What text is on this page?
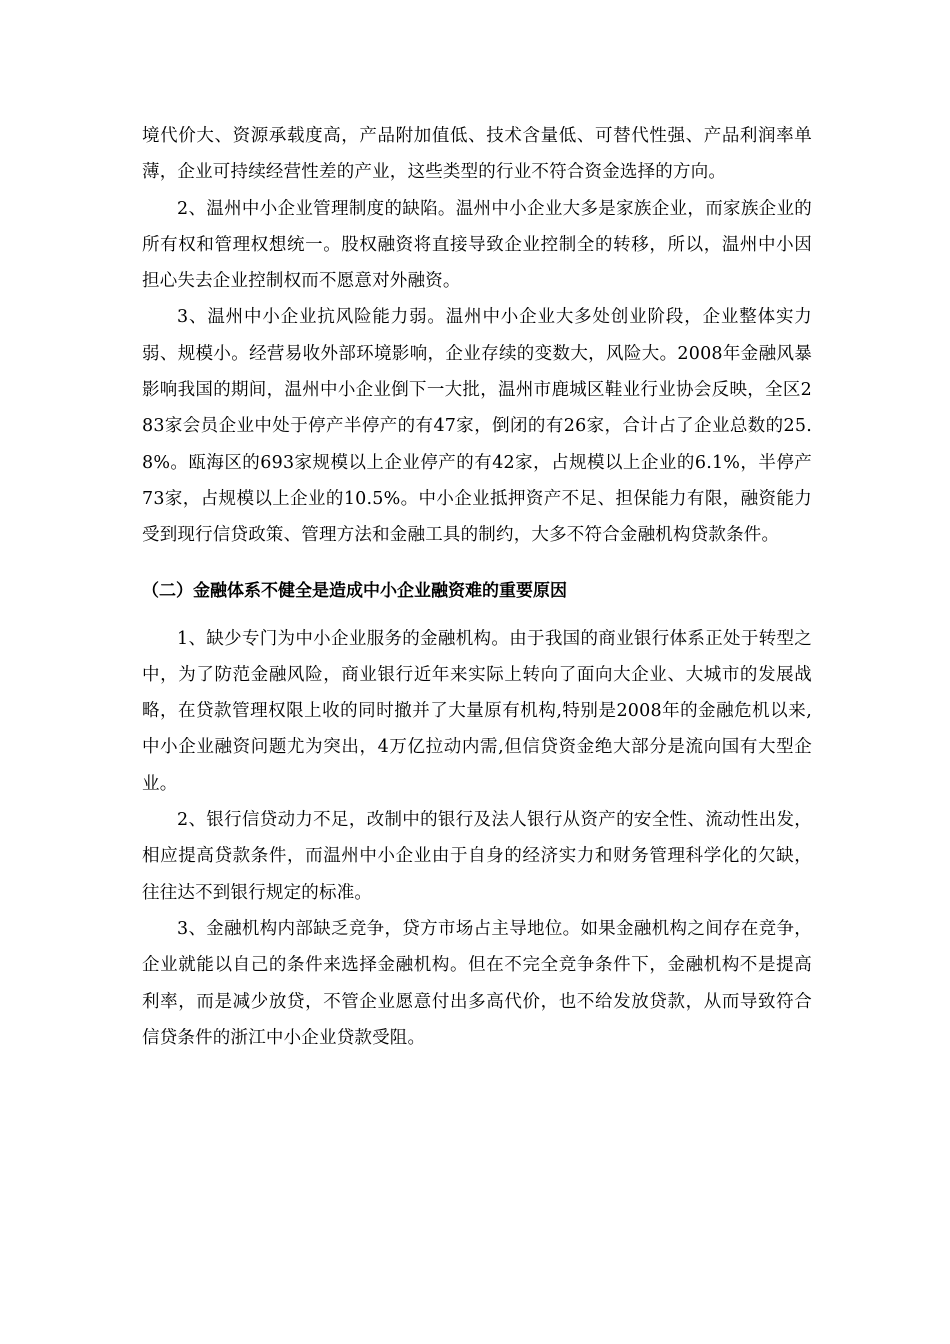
境代价大、资源承载度高，产品附加值低、技术含量低、可替代性强、产品利润率单薄，企业可持续经营性差的产业，这些类型的行业不符合资金选择的方向。

2、温州中小企业管理制度的缺陷。温州中小企业大多是家族企业，而家族企业的所有权和管理权想统一。股权融资将直接导致企业控制全的转移，所以，温州中小因担心失去企业控制权而不愿意对外融资。

3、温州中小企业抗风险能力弱。温州中小企业大多处创业阶段，企业整体实力弱、规模小。经营易收外部环境影响，企业存续的变数大，风险大。2008年金融风暴影响我国的期间，温州中小企业倒下一大批，温州市鹿城区鞋业行业协会反映，全区283家会员企业中处于停产半停产的有47家，倒闭的有26家，合计占了企业总数的25.8%。瓯海区的693家规模以上企业停产的有42家，占规模以上企业的6.1%，半停产73家，占规模以上企业的10.5%。中小企业抵押资产不足、担保能力有限，融资能力受到现行信贷政策、管理方法和金融工具的制约，大多不符合金融机构贷款条件。

（二）金融体系不健全是造成中小企业融资难的重要原因

1、缺少专门为中小企业服务的金融机构。由于我国的商业银行体系正处于转型之中，为了防范金融风险，商业银行近年来实际上转向了面向大企业、大城市的发展战略，在贷款管理权限上收的同时撤并了大量原有机构,特别是2008年的金融危机以来,中小企业融资问题尤为突出，4万亿拉动内需,但信贷资金绝大部分是流向国有大型企业。

2、银行信贷动力不足，改制中的银行及法人银行从资产的安全性、流动性出发，相应提高贷款条件，而温州中小企业由于自身的经济实力和财务管理科学化的欠缺，往往达不到银行规定的标准。

3、金融机构内部缺乏竞争，贷方市场占主导地位。如果金融机构之间存在竞争，企业就能以自己的条件来选择金融机构。但在不完全竞争条件下，金融机构不是提高利率，而是减少放贷，不管企业愿意付出多高代价，也不给发放贷款，从而导致符合信贷条件的浙江中小企业贷款受阻。
